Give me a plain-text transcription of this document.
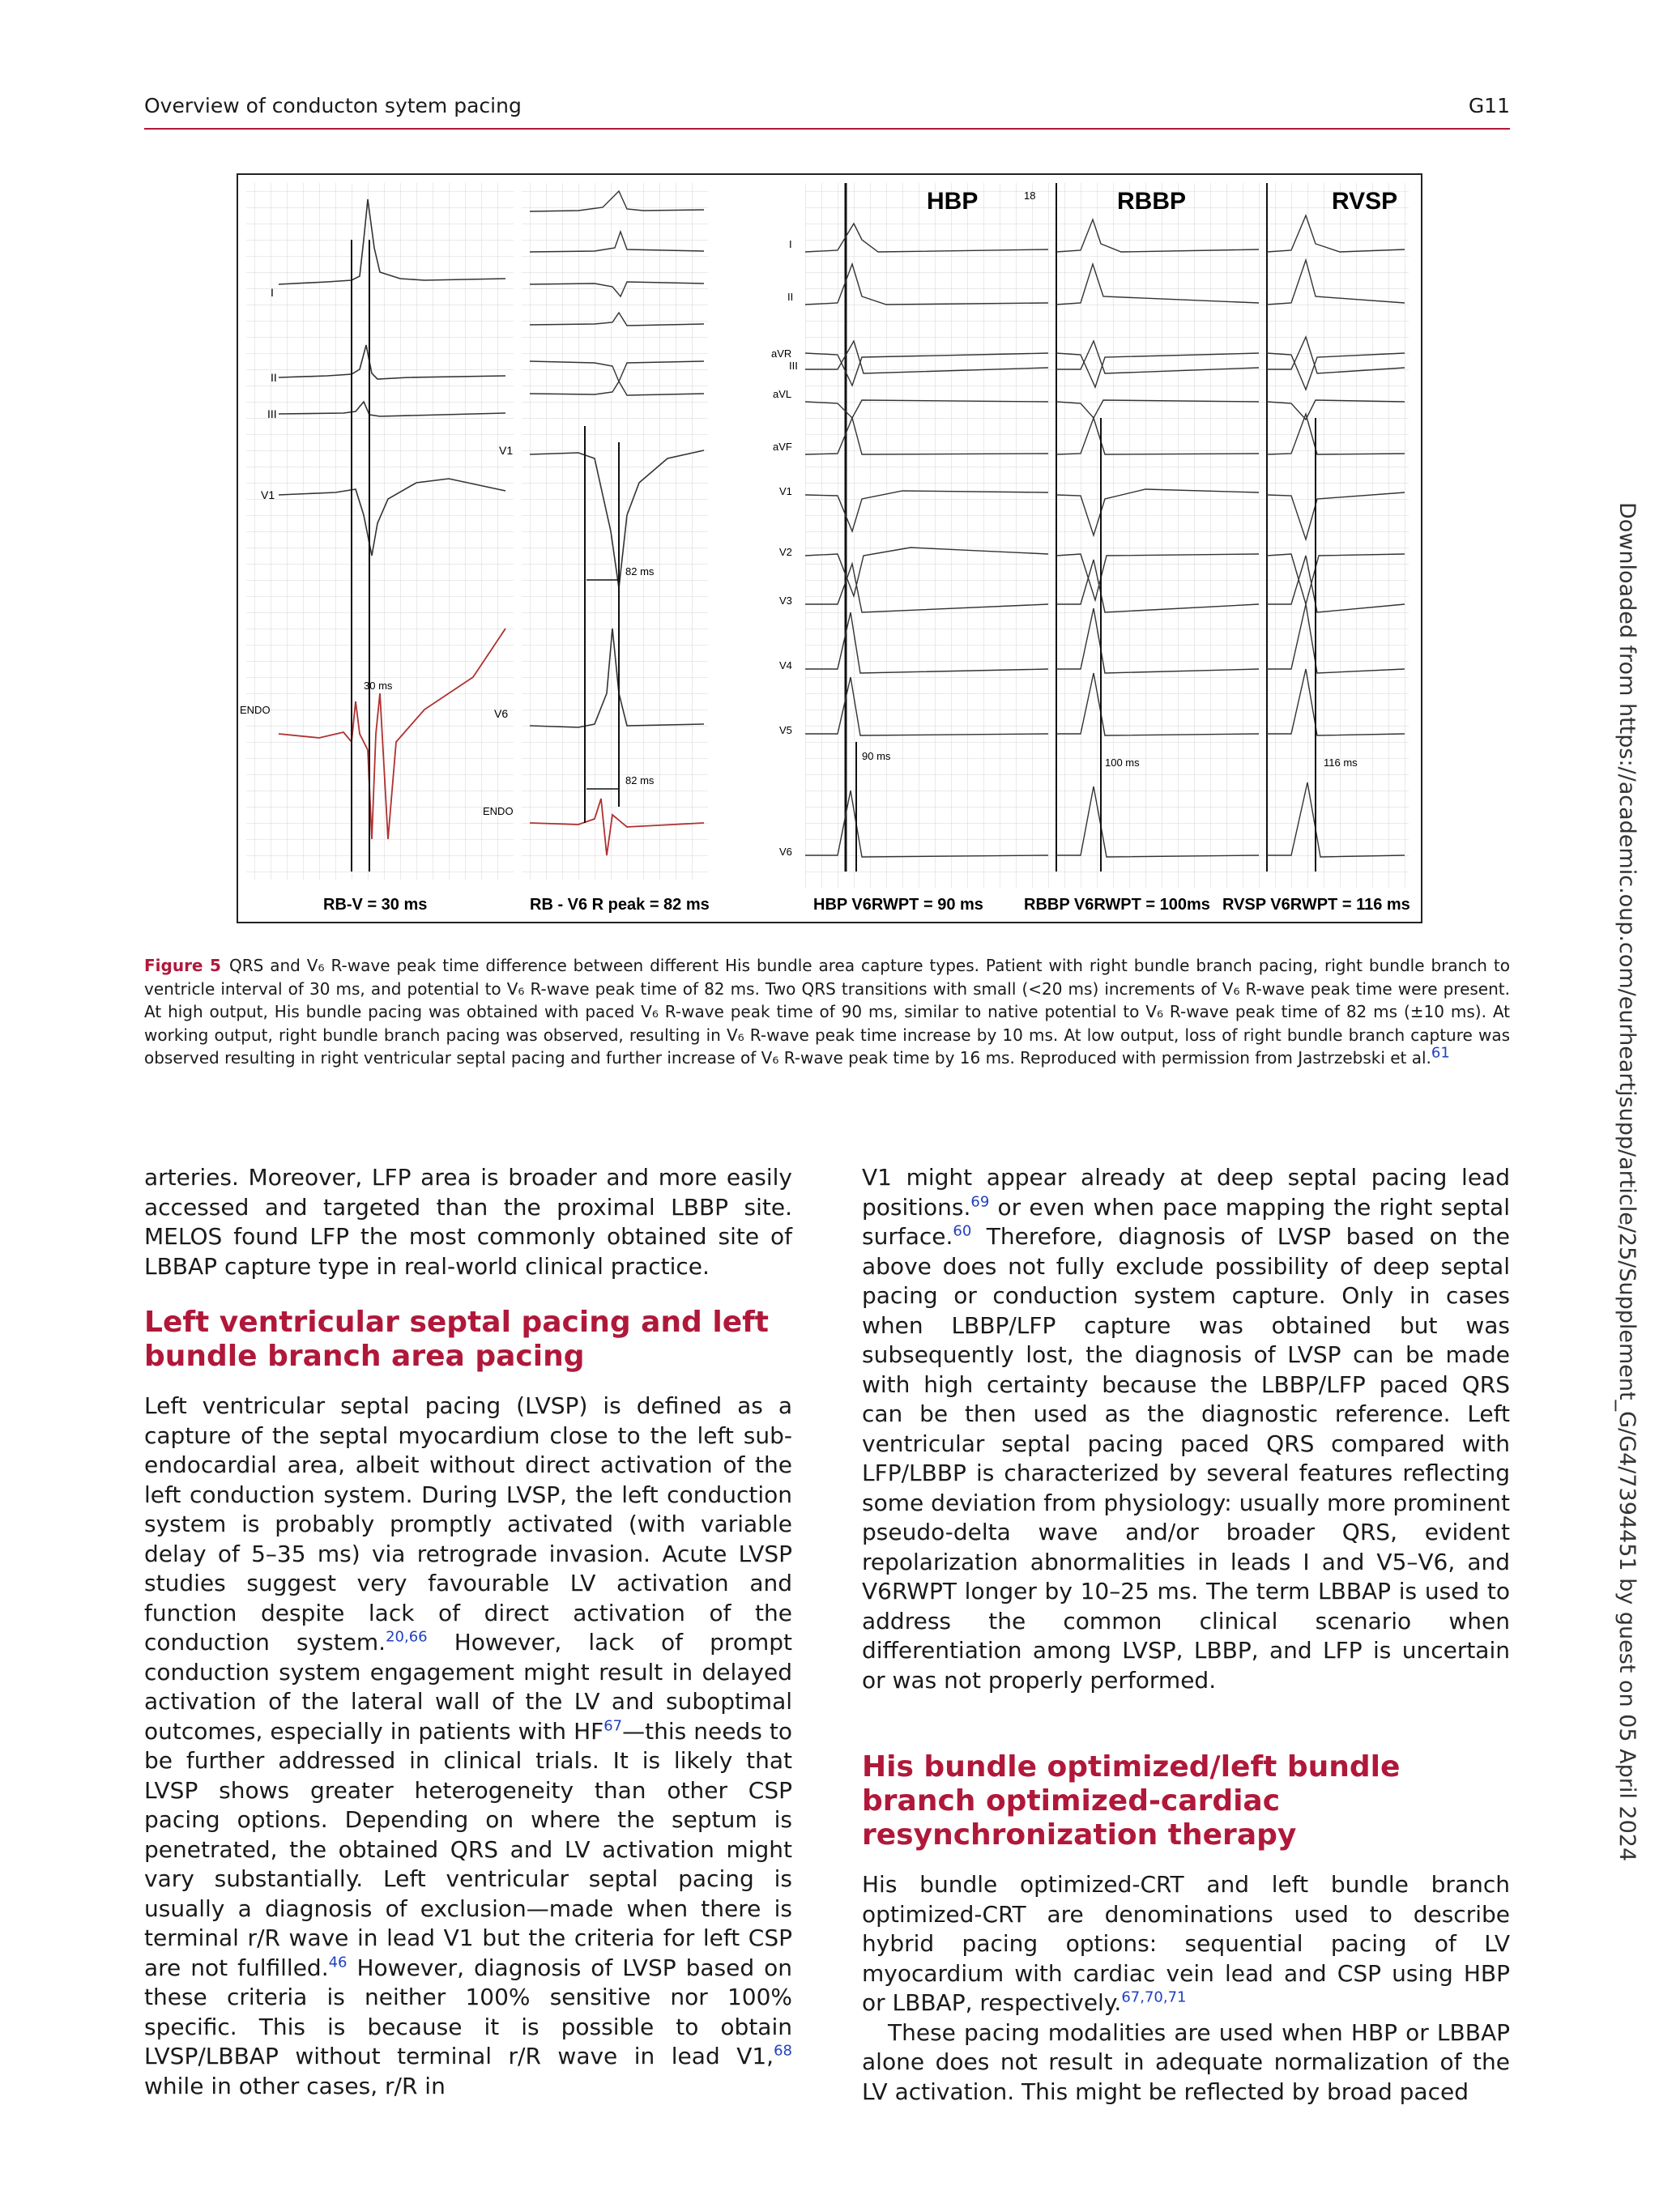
Overview of conducton sytem pacing	G11
HBP	RBBP	RVSP
18
I
II
III
V1
ENDO
30 ms
V1
V6
ENDO
82 ms
82 ms
I
II
aVR
III
aVL
aVF
V1
V2
V3
V4
V5
V6
90 ms
100 ms	116 ms
RB-V = 30 ms	RB - V6 R peak = 82 ms	HBP V6RWPT = 90 ms	RBBP V6RWPT = 100ms RVSP V6RWPT = 116 ms
Figure 5 QRS and V₆ R-wave peak time difference between different His bundle area capture types. Patient with right bundle branch pacing, right bundle branch to ventricle interval of 30 ms, and potential to V₆ R-wave peak time of 82 ms. Two QRS transitions with small (<20 ms) increments of V₆ R-wave peak time were present. At high output, His bundle pacing was obtained with paced V₆ R-wave peak time of 90 ms, similar to native potential to V₆ R-wave peak time of 82 ms (±10 ms). At working output, right bundle branch pacing was observed, resulting in V₆ R-wave peak time increase by 10 ms. At low output, loss of right bundle branch capture was observed resulting in right ventricular septal pacing and further increase of V₆ R-wave peak time by 16 ms. Reproduced with permission from Jastrzebski et al.61

arteries. Moreover, LFP area is broader and more easily accessed and targeted than the proximal LBBP site. MELOS found LFP the most commonly obtained site of LBBAP capture type in real-world clinical practice.

Left ventricular septal pacing and left bundle branch area pacing

Left ventricular septal pacing (LVSP) is defined as a capture of the septal myocardium close to the left sub-endocardial area, albeit without direct activation of the left conduction system. During LVSP, the left conduction system is probably promptly activated (with variable delay of 5–35 ms) via retrograde invasion. Acute LVSP studies suggest very favourable LV activation and function despite lack of direct activation of the conduction system.$^{20,66}$ However, lack of prompt conduction system engagement might result in delayed activation of the lateral wall of the LV and suboptimal outcomes, especially in patients with HF$^{67}$—this needs to be further addressed in clinical trials. It is likely that LVSP shows greater heterogeneity than other CSP pacing options. Depending on where the septum is penetrated, the obtained QRS and LV activation might vary substantially. Left ventricular septal pacing is usually a diagnosis of exclusion—made when there is terminal r/R wave in lead V1 but the criteria for left CSP are not fulfilled.$^{46}$ However, diagnosis of LVSP based on these criteria is neither 100% sensitive nor 100% specific. This is because it is possible to obtain LVSP/LBBAP without terminal r/R wave in lead V1,68 while in other cases, r/R in

V1 might appear already at deep septal pacing lead positions.$^{69}$ or even when pace mapping the right septal surface.$^{60}$ Therefore, diagnosis of LVSP based on the above does not fully exclude possibility of deep septal pacing or conduction system capture. Only in cases when LBBP/LFP capture was obtained but was subsequently lost, the diagnosis of LVSP can be made with high certainty because the LBBP/LFP paced QRS can be then used as the diagnostic reference. Left ventricular septal pacing paced QRS compared with LFP/LBBP is characterized by several features reflecting some deviation from physiology: usually more prominent pseudo-delta wave and/or broader QRS, evident repolarization abnormalities in leads I and V5–V6, and V6RWPT longer by 10–25 ms. The term LBBAP is used to address the common clinical scenario when differentiation among LVSP, LBBP, and LFP is uncertain or was not properly performed.

His bundle optimized/left bundle branch optimized-cardiac resynchronization therapy

His bundle optimized-CRT and left bundle branch optimized-CRT are denominations used to describe hybrid pacing options: sequential pacing of LV myocardium with cardiac vein lead and CSP using HBP or LBBAP, respectively.$^{67,70,71}$

These pacing modalities are used when HBP or LBBAP alone does not result in adequate normalization of the LV activation. This might be reflected by broad paced

Downloaded from https://academic.oup.com/eurheartjsupp/article/25/Supplement_G/G4/7394451 by guest on 05 April 2024
